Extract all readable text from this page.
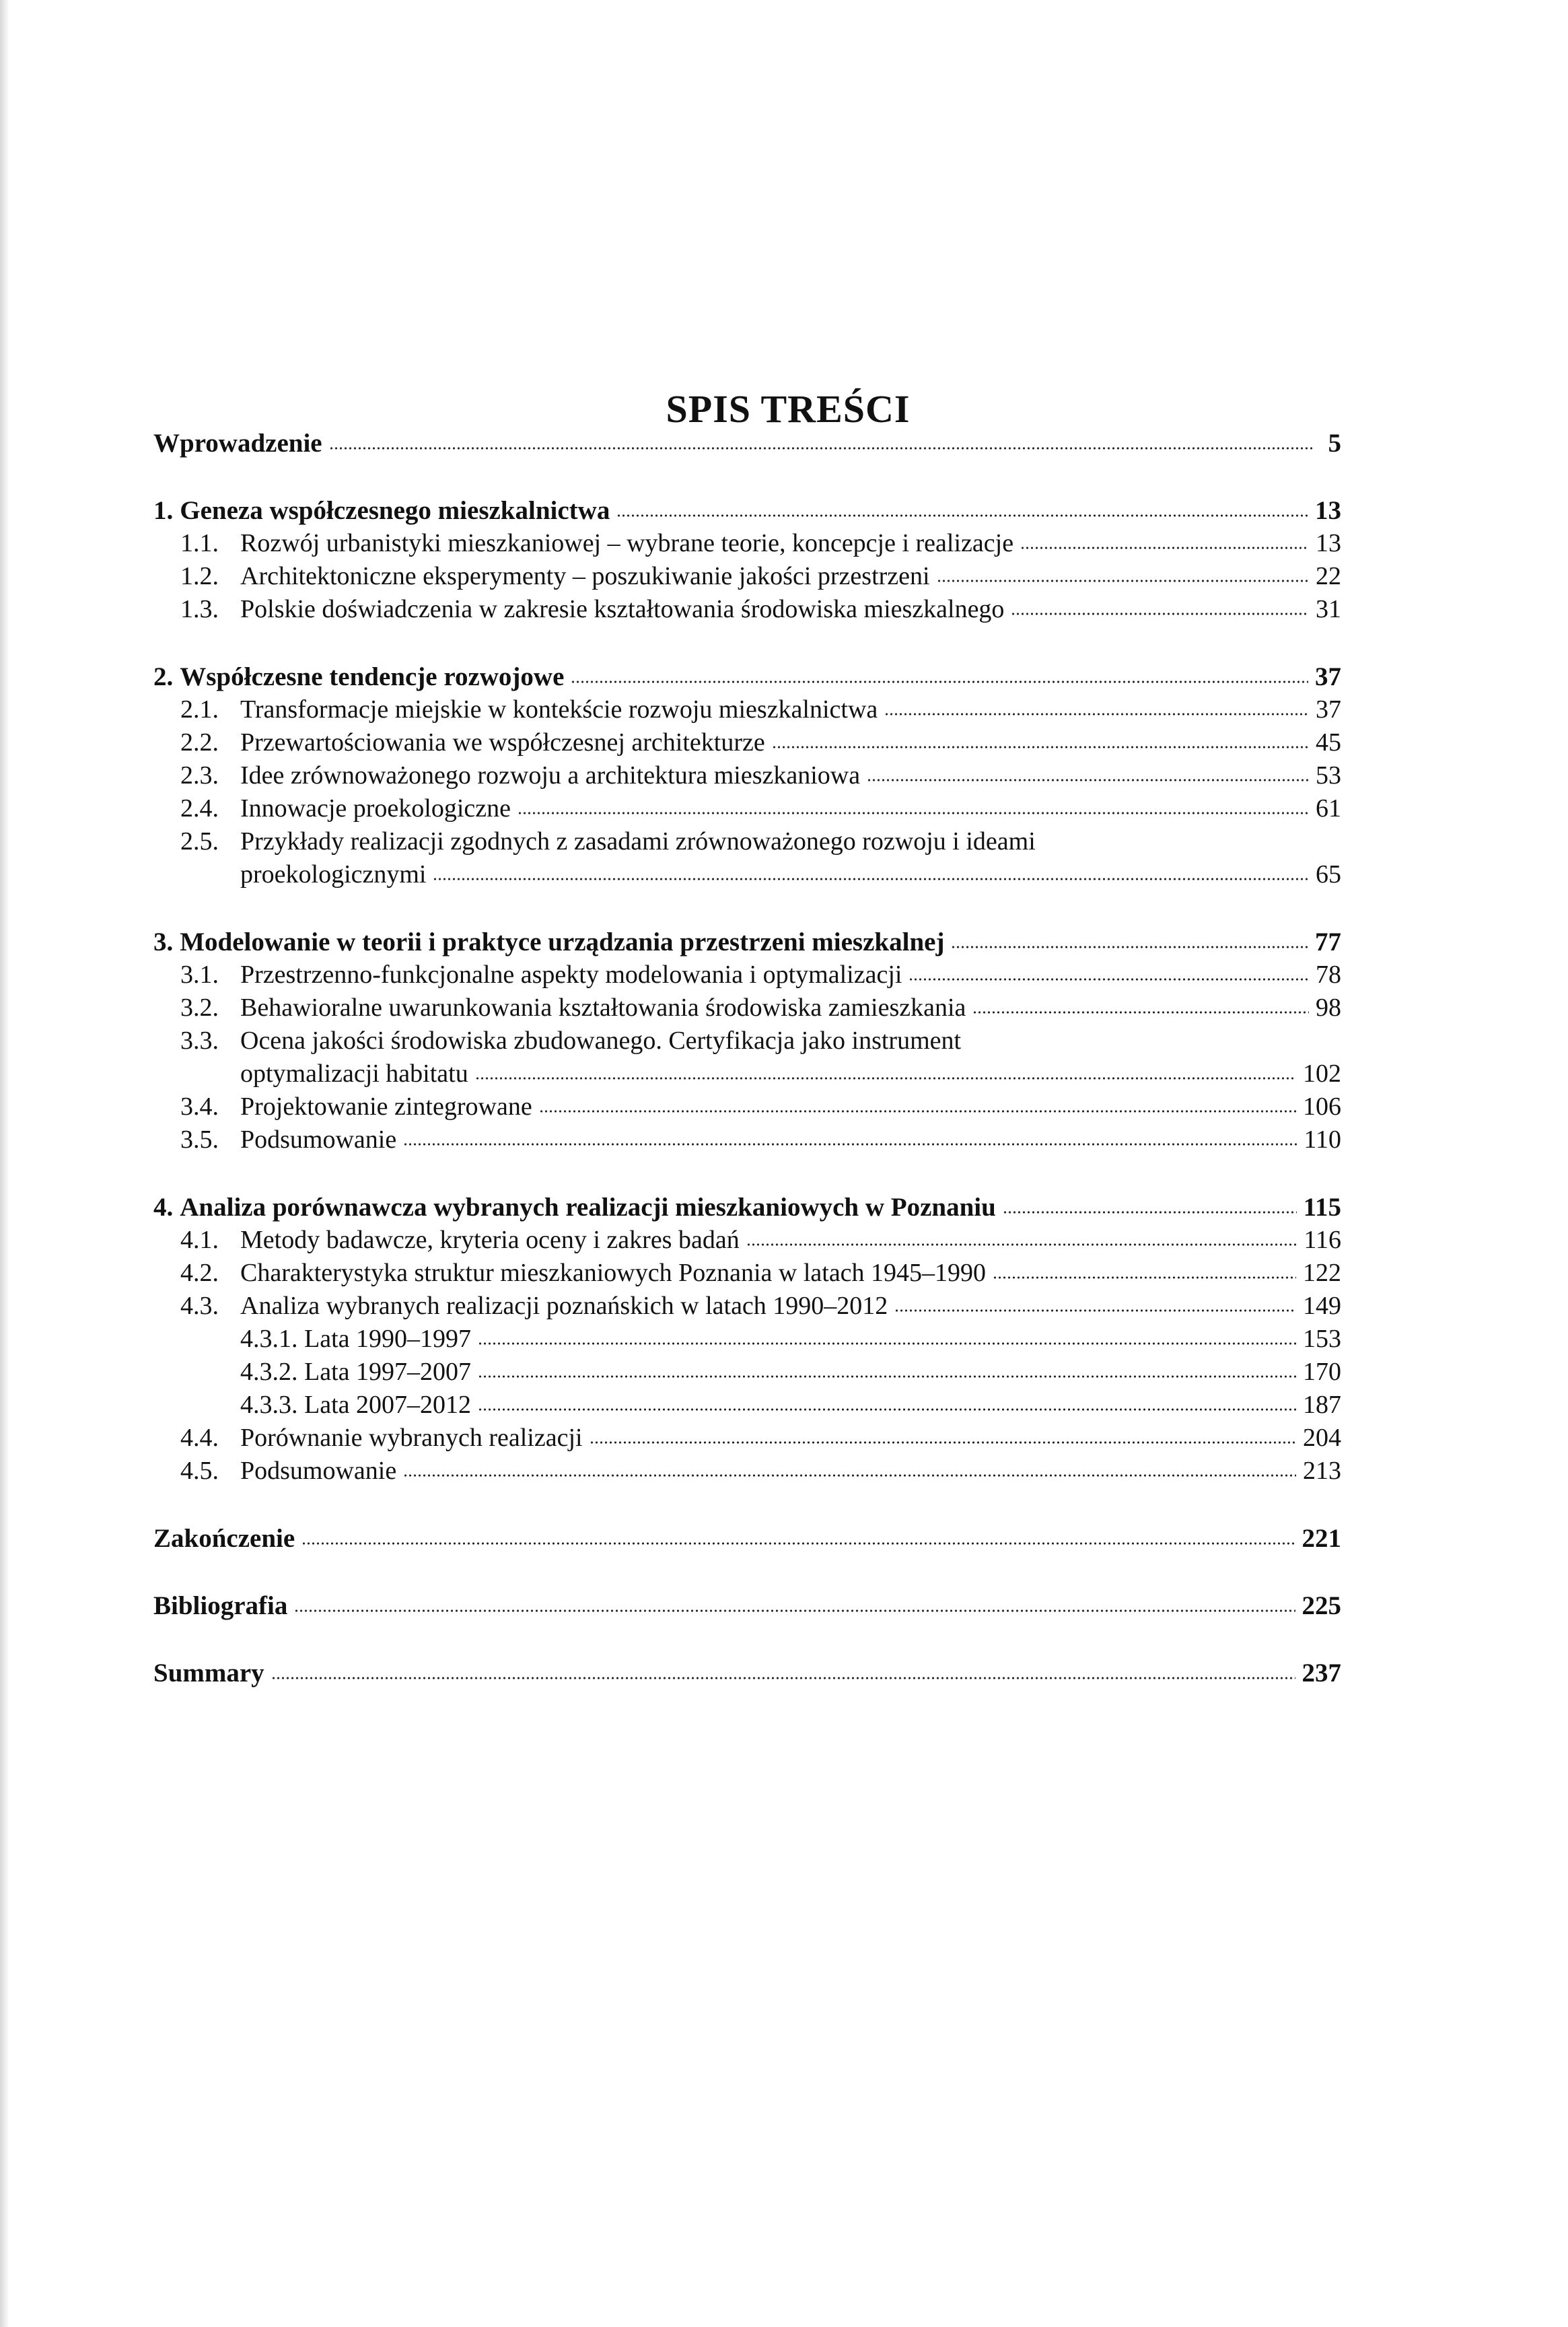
SPIS TREŚCI
Wprowadzenie	5
1. Geneza współczesnego mieszkalnictwa	13
1.1. Rozwój urbanistyki mieszkaniowej – wybrane teorie, koncepcje i realizacje	13
1.2. Architektoniczne eksperymenty – poszukiwanie jakości przestrzeni	22
1.3. Polskie doświadczenia w zakresie kształtowania środowiska mieszkalnego	31
2. Współczesne tendencje rozwojowe	37
2.1. Transformacje miejskie w kontekście rozwoju mieszkalnictwa	37
2.2. Przewartościowania we współczesnej architekturze	45
2.3. Idee zrównoważonego rozwoju a architektura mieszkaniowa	53
2.4. Innowacje proekologiczne	61
2.5. Przykłady realizacji zgodnych z zasadami zrównoważonego rozwoju i ideami
proekologicznymi	65
3. Modelowanie w teorii i praktyce urządzania przestrzeni mieszkalnej	77
3.1. Przestrzenno-funkcjonalne aspekty modelowania i optymalizacji	78
3.2. Behawioralne uwarunkowania kształtowania środowiska zamieszkania	98
3.3. Ocena jakości środowiska zbudowanego. Certyfikacja jako instrument
optymalizacji habitatu	102
3.4. Projektowanie zintegrowane	106
3.5. Podsumowanie	110
4. Analiza porównawcza wybranych realizacji mieszkaniowych w Poznaniu	115
4.1. Metody badawcze, kryteria oceny i zakres badań	116
4.2. Charakterystyka struktur mieszkaniowych Poznania w latach 1945–1990	122
4.3. Analiza wybranych realizacji poznańskich w latach 1990–2012	149
4.3.1. Lata 1990–1997	153
4.3.2. Lata 1997–2007	170
4.3.3. Lata 2007–2012	187
4.4. Porównanie wybranych realizacji	204
4.5. Podsumowanie	213
Zakończenie	221
Bibliografia	225
Summary	237
